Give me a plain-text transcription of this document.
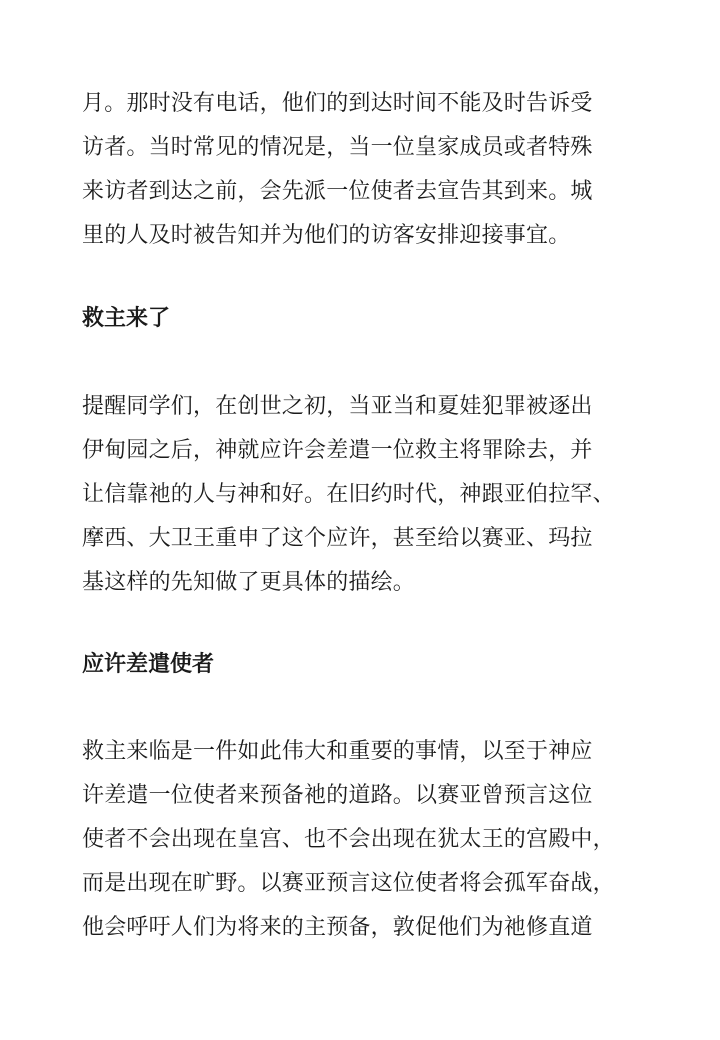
月。那时没有电话，他们的到达时间不能及时告诉受
访者。当时常见的情况是，当一位皇家成员或者特殊
来访者到达之前，会先派一位使者去宣告其到来。城
里的人及时被告知并为他们的访客安排迎接事宜。
救主来了
提醒同学们，在创世之初，当亚当和夏娃犯罪被逐出
伊甸园之后，神就应许会差遣一位救主将罪除去，并
让信靠祂的人与神和好。在旧约时代，神跟亚伯拉罕、
摩西、大卫王重申了这个应许，甚至给以赛亚、玛拉
基这样的先知做了更具体的描绘。
应许差遣使者
救主来临是一件如此伟大和重要的事情，以至于神应
许差遣一位使者来预备祂的道路。以赛亚曾预言这位
使者不会出现在皇宫、也不会出现在犹太王的宫殿中，
而是出现在旷野。以赛亚预言这位使者将会孤军奋战，
他会呼吁人们为将来的主预备，敦促他们为祂修直道
